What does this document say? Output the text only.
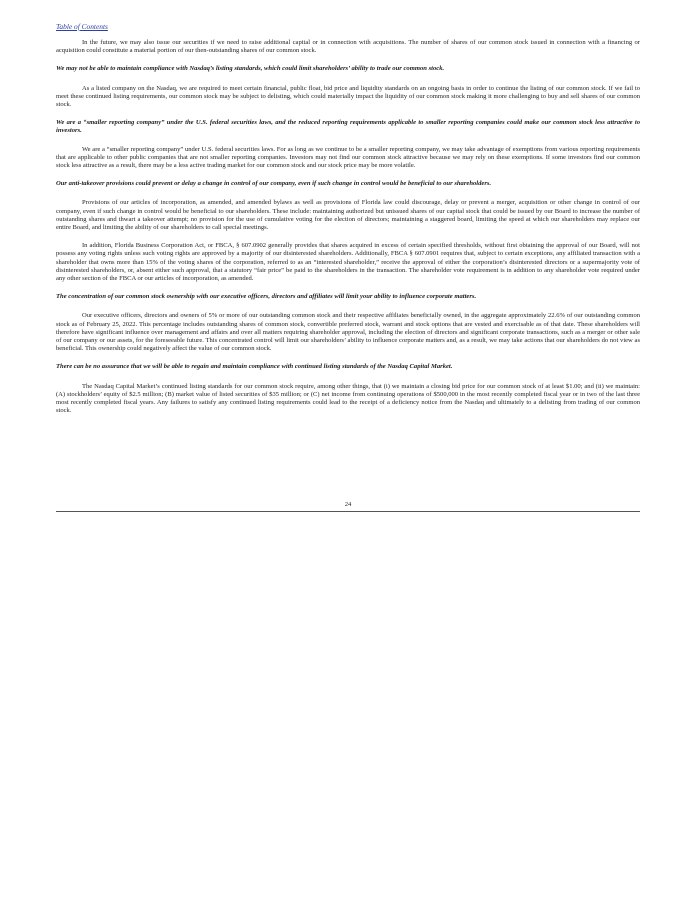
Table of Contents

In the future, we may also issue our securities if we need to raise additional capital or in connection with acquisitions. The number of shares of our common stock issued in connection with a financing or acquisition could constitute a material portion of our then-outstanding shares of our common stock.

We may not be able to maintain compliance with Nasdaq’s listing standards, which could limit shareholders’ ability to trade our common stock.

As a listed company on the Nasdaq, we are required to meet certain financial, public float, bid price and liquidity standards on an ongoing basis in order to continue the listing of our common stock. If we fail to meet these continued listing requirements, our common stock may be subject to delisting, which could materially impact the liquidity of our common stock making it more challenging to buy and sell shares of our common stock.

We are a “smaller reporting company” under the U.S. federal securities laws, and the reduced reporting requirements applicable to smaller reporting companies could make our common stock less attractive to investors.

We are a “smaller reporting company” under U.S. federal securities laws. For as long as we continue to be a smaller reporting company, we may take advantage of exemptions from various reporting requirements that are applicable to other public companies that are not smaller reporting companies. Investors may not find our common stock attractive because we may rely on these exemptions. If some investors find our common stock less attractive as a result, there may be a less active trading market for our common stock and our stock price may be more volatile.

Our anti-takeover provisions could prevent or delay a change in control of our company, even if such change in control would be beneficial to our shareholders.

Provisions of our articles of incorporation, as amended, and amended bylaws as well as provisions of Florida law could discourage, delay or prevent a merger, acquisition or other change in control of our company, even if such change in control would be beneficial to our shareholders. These include: maintaining authorized but unissued shares of our capital stock that could be issued by our Board to increase the number of outstanding shares and thwart a takeover attempt; no provision for the use of cumulative voting for the election of directors; maintaining a staggered board, limiting the speed at which our shareholders may replace our entire Board, and limiting the ability of our shareholders to call special meetings.

In addition, Florida Business Corporation Act, or FBCA, § 607.0902 generally provides that shares acquired in excess of certain specified thresholds, without first obtaining the approval of our Board, will not possess any voting rights unless such voting rights are approved by a majority of our disinterested shareholders. Additionally, FBCA § 607.0901 requires that, subject to certain exceptions, any affiliated transaction with a shareholder that owns more than 15% of the voting shares of the corporation, referred to as an “interested shareholder,” receive the approval of either the corporation’s disinterested directors or a supermajority vote of disinterested shareholders, or, absent either such approval, that a statutory “fair price” be paid to the shareholders in the transaction. The shareholder vote requirement is in addition to any shareholder vote required under any other section of the FBCA or our articles of incorporation, as amended.

The concentration of our common stock ownership with our executive officers, directors and affiliates will limit your ability to influence corporate matters.

Our executive officers, directors and owners of 5% or more of our outstanding common stock and their respective affiliates beneficially owned, in the aggregate approximately 22.6% of our outstanding common stock as of February 25, 2022. This percentage includes outstanding shares of common stock, convertible preferred stock, warrant and stock options that are vested and exercisable as of that date. These shareholders will therefore have significant influence over management and affairs and over all matters requiring shareholder approval, including the election of directors and significant corporate transactions, such as a merger or other sale of our company or our assets, for the foreseeable future. This concentrated control will limit our shareholders’ ability to influence corporate matters and, as a result, we may take actions that our shareholders do not view as beneficial. This ownership could negatively affect the value of our common stock.

There can be no assurance that we will be able to regain and maintain compliance with continued listing standards of the Nasdaq Capital Market.

The Nasdaq Capital Market’s continued listing standards for our common stock require, among other things, that (i) we maintain a closing bid price for our common stock of at least $1.00; and (ii) we maintain: (A) stockholders’ equity of $2.5 million; (B) market value of listed securities of $35 million; or (C) net income from continuing operations of $500,000 in the most recently completed fiscal year or in two of the last three most recently completed fiscal years. Any failures to satisfy any continued listing requirements could lead to the receipt of a deficiency notice from the Nasdaq and ultimately to a delisting from trading of our common stock.

24
